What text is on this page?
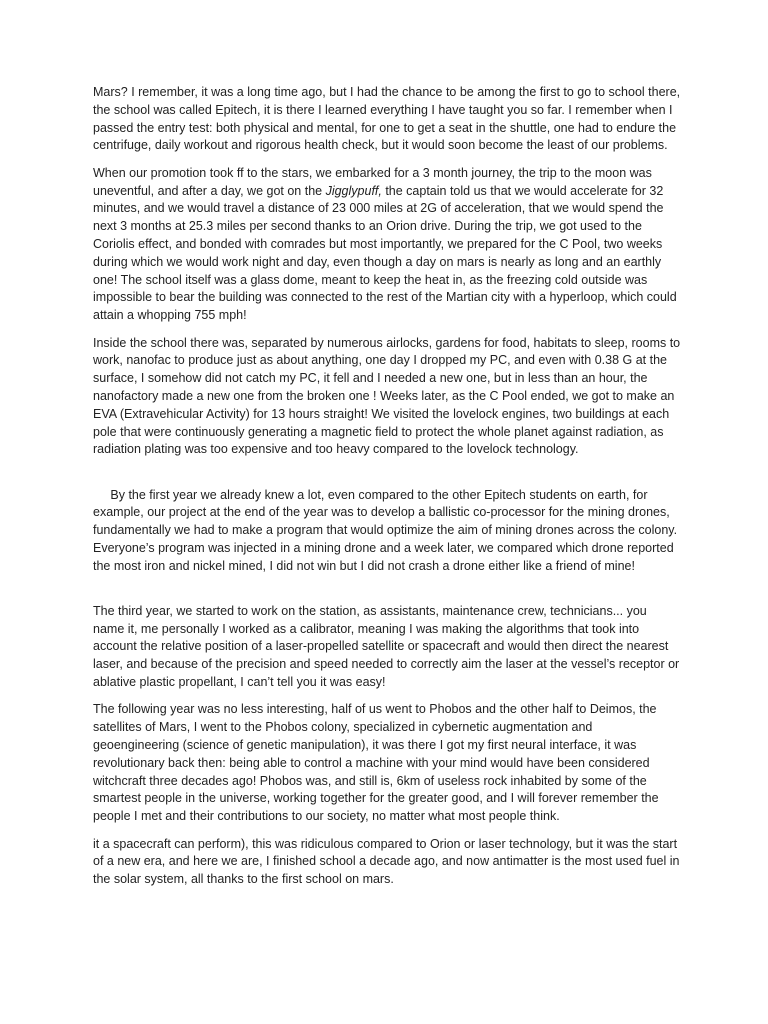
Mars? I remember, it was a long time ago, but I had the chance to be among the first to go to school there, the school was called Epitech, it is there I learned everything I have taught you so far. I remember when I passed the entry test: both physical and mental, for one to get a seat in the shuttle, one had to endure the centrifuge, daily workout and rigorous health check, but it would soon become the least of our problems.

When our promotion took ff to the stars, we embarked for a 3 month journey, the trip to the moon was uneventful, and after a day, we got on the Jigglypuff, the captain told us that we would accelerate for 32 minutes, and we would travel a distance of 23 000 miles at 2G of acceleration, that we would spend the next 3 months at 25.3 miles per second thanks to an Orion drive. During the trip, we got used to the Coriolis effect, and bonded with comrades but most importantly, we prepared for the C Pool, two weeks during which we would work night and day, even though a day on mars is nearly as long and an earthly one! The school itself was a glass dome, meant to keep the heat in, as the freezing cold outside was impossible to bear the building was connected to the rest of the Martian city with a hyperloop, which could attain a whopping 755 mph!

Inside the school there was, separated by numerous airlocks, gardens for food, habitats to sleep, rooms to work, nanofac to produce just as about anything, one day I dropped my PC, and even with 0.38 G at the surface, I somehow did not catch my PC, it fell and I needed a new one, but in less than an hour, the nanofactory made a new one from the broken one ! Weeks later, as the C Pool ended, we got to make an EVA (Extravehicular Activity) for 13 hours straight! We visited the lovelock engines, two buildings at each pole that were continuously generating a magnetic field to protect the whole planet against radiation, as radiation plating was too expensive and too heavy compared to the lovelock technology.

By the first year we already knew a lot, even compared to the other Epitech students on earth, for example, our project at the end of the year was to develop a ballistic co-processor for the mining drones, fundamentally we had to make a program that would optimize the aim of mining drones across the colony. Everyone’s program was injected in a mining drone and a week later, we compared which drone reported the most iron and nickel mined, I did not win but I did not crash a drone either like a friend of mine!

The third year, we started to work on the station, as assistants, maintenance crew, technicians... you name it, me personally I worked as a calibrator, meaning I was making the algorithms that took into account the relative position of a laser-propelled satellite or spacecraft and would then direct the nearest laser, and because of the precision and speed needed to correctly aim the laser at the vessel’s receptor or ablative plastic propellant, I can’t tell you it was easy!

The following year was no less interesting, half of us went to Phobos and the other half to Deimos, the satellites of Mars, I went to the Phobos colony, specialized in cybernetic augmentation and geoengineering (science of genetic manipulation), it was there I got my first neural interface, it was revolutionary back then: being able to control a machine with your mind would have been considered witchcraft three decades ago! Phobos was, and still is, 6km of useless rock inhabited by some of the smartest people in the universe, working together for the greater good, and I will forever remember the people I met and their contributions to our society, no matter what most people think.

it a spacecraft can perform), this was ridiculous compared to Orion or laser technology, but it was the start of a new era, and here we are, I finished school a decade ago, and now antimatter is the most used fuel in the solar system, all thanks to the first school on mars.
